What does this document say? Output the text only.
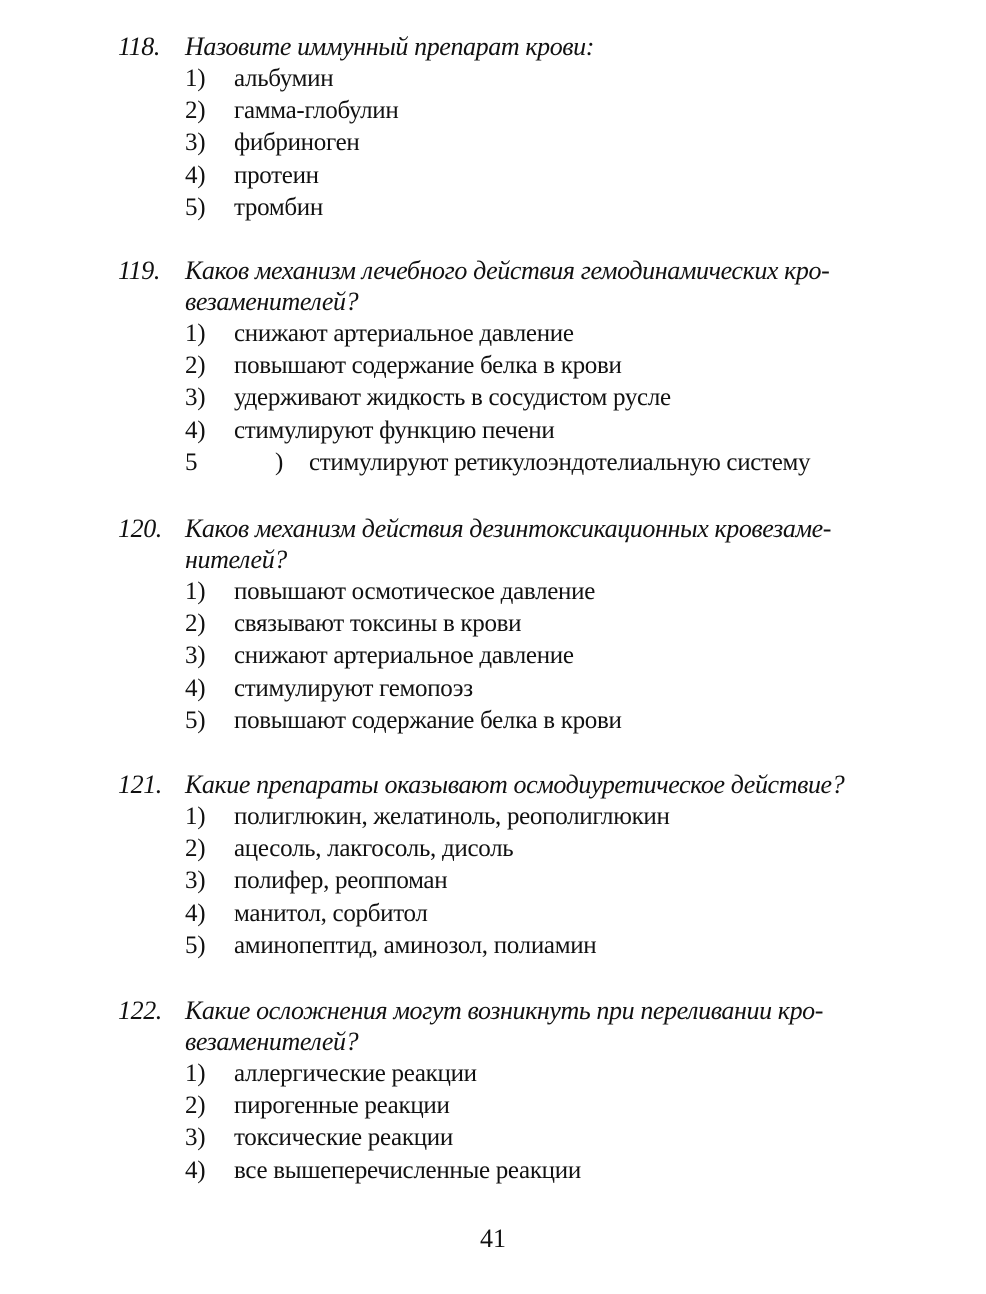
118. Назовите иммунный препарат крови:
1) альбумин
2) гамма-глобулин
3) фибриноген
4) протеин
5) тромбин
119. Каков механизм лечебного действия гемодинамических кро-
везаменителей?
1) снижают артериальное давление
2) повышают содержание белка в крови
3) удерживают жидкость в сосудистом русле
4) стимулируют функцию печени
5	) стимулируют ретикулоэндотелиальную систему
120. Каков механизм действия дезинтоксикационных кровезаме-
нителей?
1) повышают осмотическое давление
2) связывают токсины в крови
3) снижают артериальное давление
4) стимулируют гемопоэз
5) повышают содержание белка в крови
121. Какие препараты оказывают осмодиуретическое действие?
1) полиглюкин, желатиноль, реополиглюкин
2) ацесоль, лакгосоль, дисоль
3) полифер, реоппоман
4) манитол, сорбитол
5) аминопептид, аминозол, полиамин
122. Какие осложнения могут возникнуть при переливании кро-
везаменителей?
1) аллергические реакции
2) пирогенные реакции
3) токсические реакции
4) все вышеперечисленные реакции
41
